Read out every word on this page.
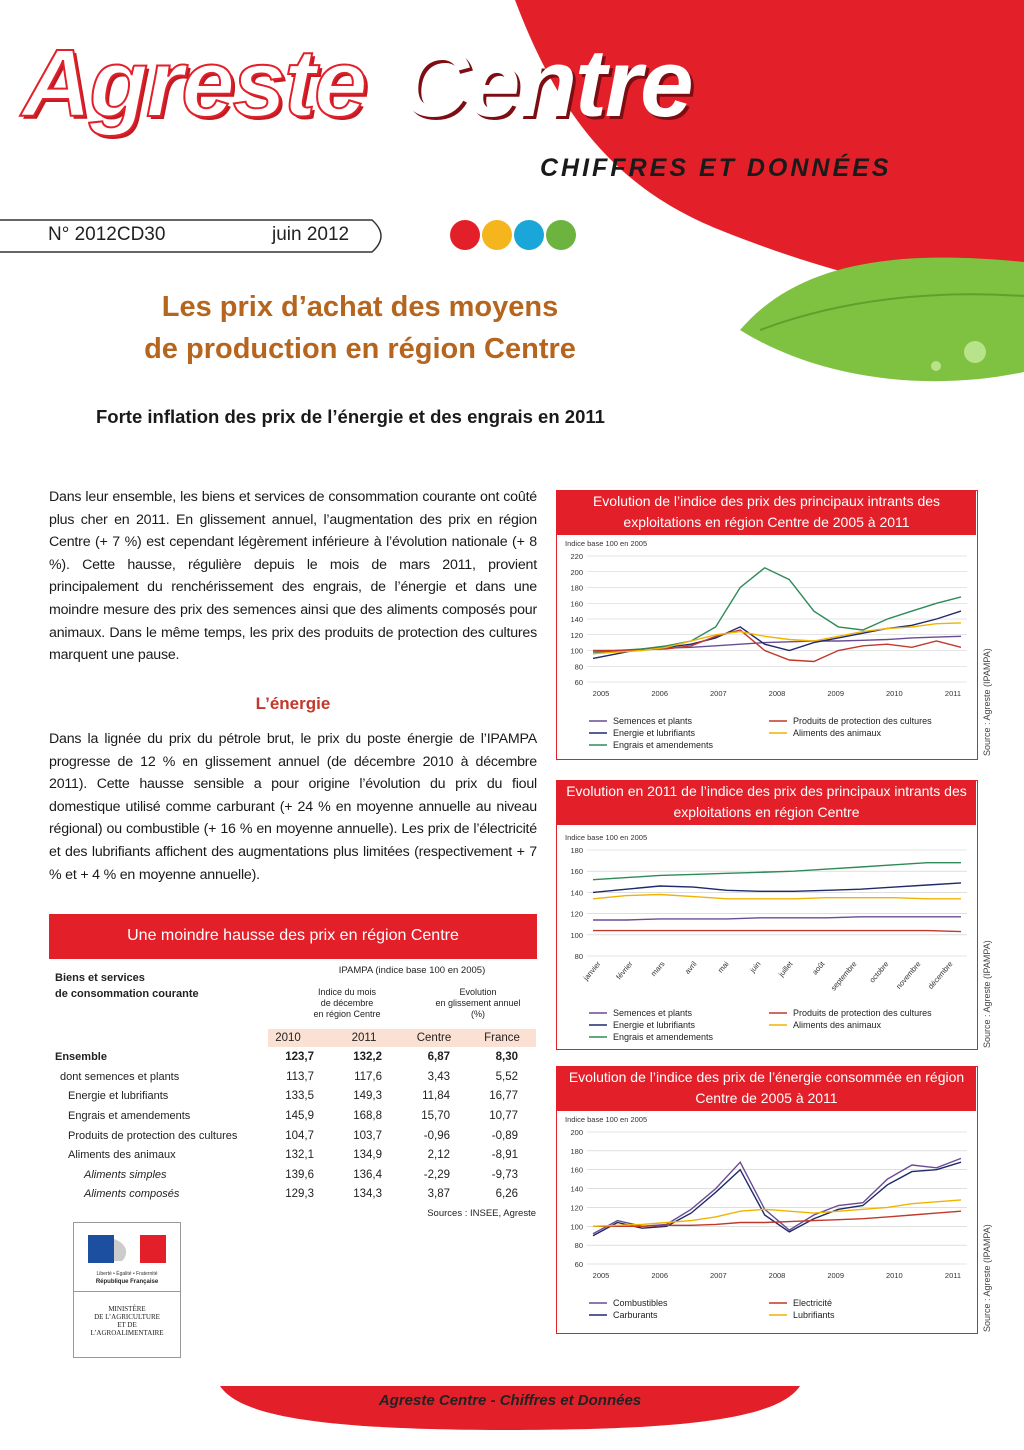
Agreste Centre
CHIFFRES ET DONNÉES
N° 2012CD30	juin 2012
Les prix d’achat des moyens
de production en région Centre
Forte inflation des prix de l’énergie et des engrais en 2011
Dans leur ensemble, les biens et services de consommation courante ont coûté plus cher en 2011. En glissement annuel, l’augmentation des prix en région Centre (+ 7 %) est cependant légèrement inférieure à l’évolution nationale (+ 8 %). Cette hausse, régulière depuis le mois de mars 2011, provient principalement du renchérissement des engrais, de l’énergie et dans une moindre mesure des prix des semences ainsi que des aliments composés pour animaux. Dans le même temps, les prix des produits de protection des cultures marquent une pause.
L’énergie
Dans la lignée du prix du pétrole brut, le prix du poste énergie de l’IPAMPA progresse de 12 % en glissement annuel (de décembre 2010 à décembre 2011). Cette hausse sensible a pour origine l’évolution du prix du fioul domestique utilisé comme carburant (+ 24 % en moyenne annuelle au niveau régional) ou combustible (+ 16 % en moyenne annuelle). Les prix de l’électricité et des lubrifiants affichent des augmentations plus limitées (respectivement + 7 % et + 4 % en moyenne annuelle).
Une moindre hausse des prix en région Centre
Biens et services
de consommation courante
IPAMPA (indice base 100 en 2005)
Indice du mois
de décembre
en région Centre
Evolution
en glissement annuel
(%)
2010	2011	Centre	France
Ensemble	123,7	132,2	6,87	8,30
dont semences et plants	113,7	117,6	3,43	5,52
Energie et lubrifiants	133,5	149,3	11,84	16,77
Engrais et amendements	145,9	168,8	15,70	10,77
Produits de protection des cultures	104,7	103,7	-0,96	-0,89
Aliments des animaux	132,1	134,9	2,12	-8,91
Aliments simples	139,6	136,4	-2,29	-9,73
Aliments composés	129,3	134,3	3,87	6,26
Sources : INSEE, Agreste
Liberté • Égalité • Fraternité
République Française
MINISTÈRE
DE L’AGRICULTURE
ET DE
L’AGROALIMENTAIRE
Evolution de l’indice des prix des principaux intrants des exploitations en région Centre de 2005 à 2011
Indice base 100 en 2005
220
200
180
160
140
120
100
80
60
2005	2006	2007	2008	2009	2010	2011
Semences et plants
Energie et lubrifiants
Engrais et amendements
Produits de protection des cultures
Aliments des animaux	Source : Agreste (IPAMPA)
Evolution en 2011 de l’indice des prix des principaux intrants des exploitations en région Centre
Indice base 100 en 2005
180
160
140
120
100
80
janvier février mars avril mai juin juillet août septembre octobre novembre décembre
Semences et plants
Energie et lubrifiants
Engrais et amendements
Produits de protection des cultures
Aliments des animaux	Source : Agreste (IPAMPA)
Evolution de l’indice des prix de l’énergie consommée en région Centre de 2005 à 2011
Indice base 100 en 2005
200
180
160
140
120
100
80
60
2005	2006	2007	2008	2009	2010	2011
Combustibles
Carburants
Electricité
Lubrifiants	Source : Agreste (IPAMPA)
Agreste Centre - Chiffres et Données
